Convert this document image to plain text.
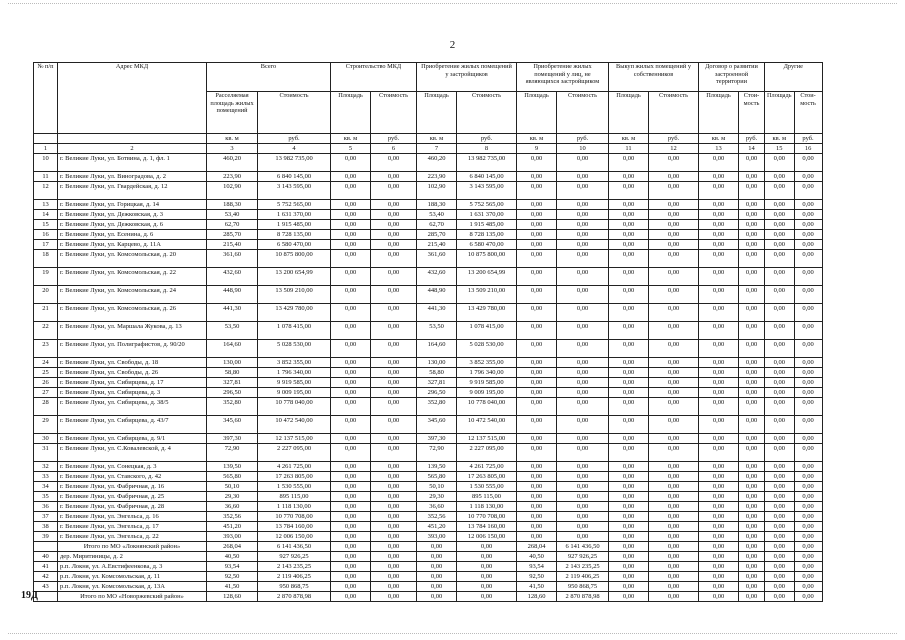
2
№ п/п	Адрес МКД	Всего		Строительство МКД		Приобретение жилых помещений у застройщиков		Приобретение жилых помещений у лиц, не являющихся застройщиком		Выкуп жилых помещений у собственников		Договор о развитии застроенной территории		Другие	
		Расселяемая площадь жилых помещений	Стоимость	Площадь	Стоимость	Площадь	Стоимость	Площадь	Стоимость	Площадь	Стоимость	Площадь	Стои-мость	Площадь	Стои-мость
		кв. м	руб.	кв. м	руб.	кв. м	руб.	кв. м	руб.	кв. м	руб.	кв. м	руб.	кв. м	руб.
1	2	3	4	5	6	7	8	9	10	11	12	13	14	15	16
10	г. Великие Луки, ул. Ботвина, д. 1, фл. 1	460,20	13 982 735,00	0,00	0,00	460,20	13 982 735,00	0,00	0,00	0,00	0,00	0,00	0,00	0,00	0,00
11	г. Великие Луки, ул. Виноградова, д. 2	223,90	6 840 145,00	0,00	0,00	223,90	6 840 145,00	0,00	0,00	0,00	0,00	0,00	0,00	0,00	0,00
12	г. Великие Луки, ул. Гвардейская, д. 12	102,90	3 143 595,00	0,00	0,00	102,90	3 143 595,00	0,00	0,00	0,00	0,00	0,00	0,00	0,00	0,00
13	г. Великие Луки, ул. Горицкая, д. 14	188,30	5 752 565,00	0,00	0,00	188,30	5 752 565,00	0,00	0,00	0,00	0,00	0,00	0,00	0,00	0,00
14	г. Великие Луки, ул. Дежковская, д. 3	53,40	1 631 370,00	0,00	0,00	53,40	1 631 370,00	0,00	0,00	0,00	0,00	0,00	0,00	0,00	0,00
15	г. Великие Луки, ул. Дежковская, д. 6	62,70	1 915 485,00	0,00	0,00	62,70	1 915 485,00	0,00	0,00	0,00	0,00	0,00	0,00	0,00	0,00
16	г. Великие Луки, ул. Есенина, д. 6	285,70	8 728 135,00	0,00	0,00	285,70	8 728 135,00	0,00	0,00	0,00	0,00	0,00	0,00	0,00	0,00
17	г. Великие Луки, ул. Карцево, д. 11А	215,40	6 580 470,00	0,00	0,00	215,40	6 580 470,00	0,00	0,00	0,00	0,00	0,00	0,00	0,00	0,00
18	г. Великие Луки, ул. Комсомольская, д. 20	361,60	10 875 800,00	0,00	0,00	361,60	10 875 800,00	0,00	0,00	0,00	0,00	0,00	0,00	0,00	0,00
19	г. Великие Луки, ул. Комсомольская, д. 22	432,60	13 200 654,99	0,00	0,00	432,60	13 200 654,99	0,00	0,00	0,00	0,00	0,00	0,00	0,00	0,00
20	г. Великие Луки, ул. Комсомольская, д. 24	448,90	13 509 210,00	0,00	0,00	448,90	13 509 210,00	0,00	0,00	0,00	0,00	0,00	0,00	0,00	0,00
21	г. Великие Луки, ул. Комсомольская, д. 26	441,30	13 429 780,00	0,00	0,00	441,30	13 429 780,00	0,00	0,00	0,00	0,00	0,00	0,00	0,00	0,00
22	г. Великие Луки, ул. Маршала Жукова, д. 13	53,50	1 078 415,00	0,00	0,00	53,50	1 078 415,00	0,00	0,00	0,00	0,00	0,00	0,00	0,00	0,00
23	г. Великие Луки, ул. Полиграфистов, д. 90/20	164,60	5 028 530,00	0,00	0,00	164,60	5 028 530,00	0,00	0,00	0,00	0,00	0,00	0,00	0,00	0,00
24	г. Великие Луки, ул. Свободы, д. 18	130,00	3 852 355,00	0,00	0,00	130,00	3 852 355,00	0,00	0,00	0,00	0,00	0,00	0,00	0,00	0,00
25	г. Великие Луки, ул. Свободы, д. 26	58,80	1 796 340,00	0,00	0,00	58,80	1 796 340,00	0,00	0,00	0,00	0,00	0,00	0,00	0,00	0,00
26	г. Великие Луки, ул. Сибирцева, д. 17	327,81	9 919 585,00	0,00	0,00	327,81	9 919 585,00	0,00	0,00	0,00	0,00	0,00	0,00	0,00	0,00
27	г. Великие Луки, ул. Сибирцева, д. 3	296,50	9 009 195,00	0,00	0,00	296,50	9 009 195,00	0,00	0,00	0,00	0,00	0,00	0,00	0,00	0,00
28	г. Великие Луки, ул. Сибирцева, д. 38/5	352,80	10 778 040,00	0,00	0,00	352,80	10 778 040,00	0,00	0,00	0,00	0,00	0,00	0,00	0,00	0,00
29	г. Великие Луки, ул. Сибирцева, д. 43/7	345,60	10 472 540,00	0,00	0,00	345,60	10 472 540,00	0,00	0,00	0,00	0,00	0,00	0,00	0,00	0,00
30	г. Великие Луки, ул. Сибирцева, д. 9/1	397,30	12 137 515,00	0,00	0,00	397,30	12 137 515,00	0,00	0,00	0,00	0,00	0,00	0,00	0,00	0,00
31	г. Великие Луки, ул. С.Ковалевской, д. 4	72,90	2 227 095,00	0,00	0,00	72,90	2 227 095,00	0,00	0,00	0,00	0,00	0,00	0,00	0,00	0,00
32	г. Великие Луки, ул. Сонецкая, д. 3	139,50	4 261 725,00	0,00	0,00	139,50	4 261 725,00	0,00	0,00	0,00	0,00	0,00	0,00	0,00	0,00
33	г. Великие Луки, ул. Ставского, д. 42	565,80	17 263 805,00	0,00	0,00	565,80	17 263 805,00	0,00	0,00	0,00	0,00	0,00	0,00	0,00	0,00
34	г. Великие Луки, ул. Фабричная, д. 16	50,10	1 530 555,00	0,00	0,00	50,10	1 530 555,00	0,00	0,00	0,00	0,00	0,00	0,00	0,00	0,00
35	г. Великие Луки, ул. Фабричная, д. 25	29,30	895 115,00	0,00	0,00	29,30	895 115,00	0,00	0,00	0,00	0,00	0,00	0,00	0,00	0,00
36	г. Великие Луки, ул. Фабричная, д. 28	36,60	1 118 130,00	0,00	0,00	36,60	1 118 130,00	0,00	0,00	0,00	0,00	0,00	0,00	0,00	0,00
37	г. Великие Луки, ул. Энгельса, д. 16	352,56	10 770 708,00	0,00	0,00	352,56	10 770 708,00	0,00	0,00	0,00	0,00	0,00	0,00	0,00	0,00
38	г. Великие Луки, ул. Энгельса, д. 17	451,20	13 784 160,00	0,00	0,00	451,20	13 784 160,00	0,00	0,00	0,00	0,00	0,00	0,00	0,00	0,00
39	г. Великие Луки, ул. Энгельса, д. 22	393,00	12 006 150,00	0,00	0,00	393,00	12 006 150,00	0,00	0,00	0,00	0,00	0,00	0,00	0,00	0,00
	Итого по МО «Локнянский район»	268,04	6 141 436,50	0,00	0,00	0,00	0,00	268,04	6 141 436,50	0,00	0,00	0,00	0,00	0,00	0,00
40	дер. Миритиницы, д. 2	40,50	927 926,25	0,00	0,00	0,00	0,00	40,50	927 926,25	0,00	0,00	0,00	0,00	0,00	0,00
41	р.п. Локня, ул. А.Евстифеенкова, д. 3	93,54	2 143 235,25	0,00	0,00	0,00	0,00	93,54	2 143 235,25	0,00	0,00	0,00	0,00	0,00	0,00
42	р.п. Локня, ул. Комсомольская, д. 11	92,50	2 119 406,25	0,00	0,00	0,00	0,00	92,50	2 119 406,25	0,00	0,00	0,00	0,00	0,00	0,00
43	р.п. Локня, ул. Комсомольская, д. 13А	41,50	950 868,75	0,00	0,00	0,00	0,00	41,50	950 868,75	0,00	0,00	0,00	0,00	0,00	0,00
	Итого по МО «Новоржевский район»	128,60	2 870 878,98	0,00	0,00	0,00	0,00	128,60	2 870 878,98	0,00	0,00	0,00	0,00	0,00	0,00
19Д
